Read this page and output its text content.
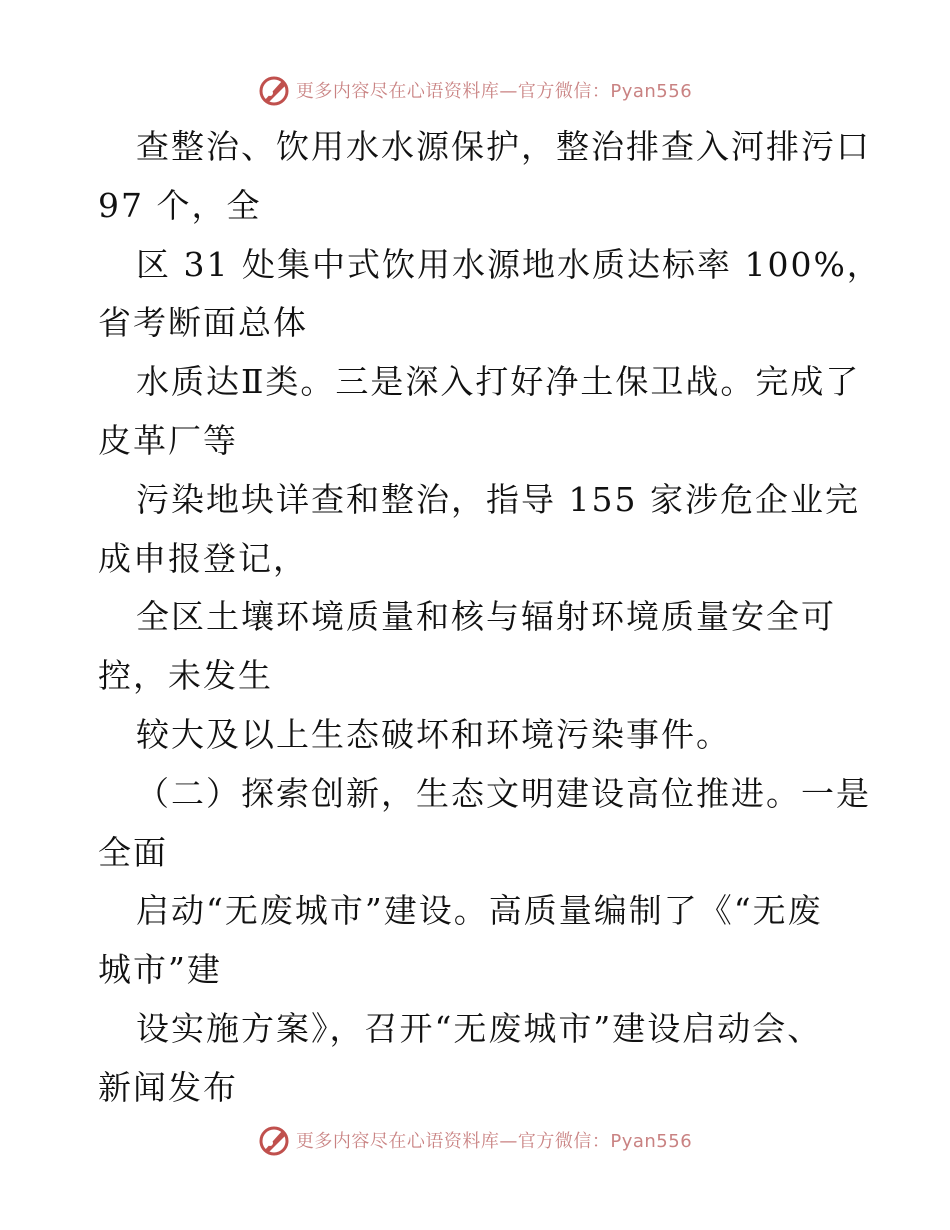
更多内容尽在心语资料库—官方微信：Pyan556
查整治、饮用水水源保护，整治排查入河排污口
97 个，全
区 31 处集中式饮用水源地水质达标率 100%，
省考断面总体
水质达Ⅱ类。三是深入打好净土保卫战。完成了
皮革厂等
污染地块详查和整治，指导 155 家涉危企业完
成申报登记，
全区土壤环境质量和核与辐射环境质量安全可
控，未发生
较大及以上生态破坏和环境污染事件。
（二）探索创新，生态文明建设高位推进。一是
全面
启动“无废城市”建设。高质量编制了《“无废
城市”建
设实施方案》，召开“无废城市”建设启动会、
新闻发布
更多内容尽在心语资料库—官方微信：Pyan556
